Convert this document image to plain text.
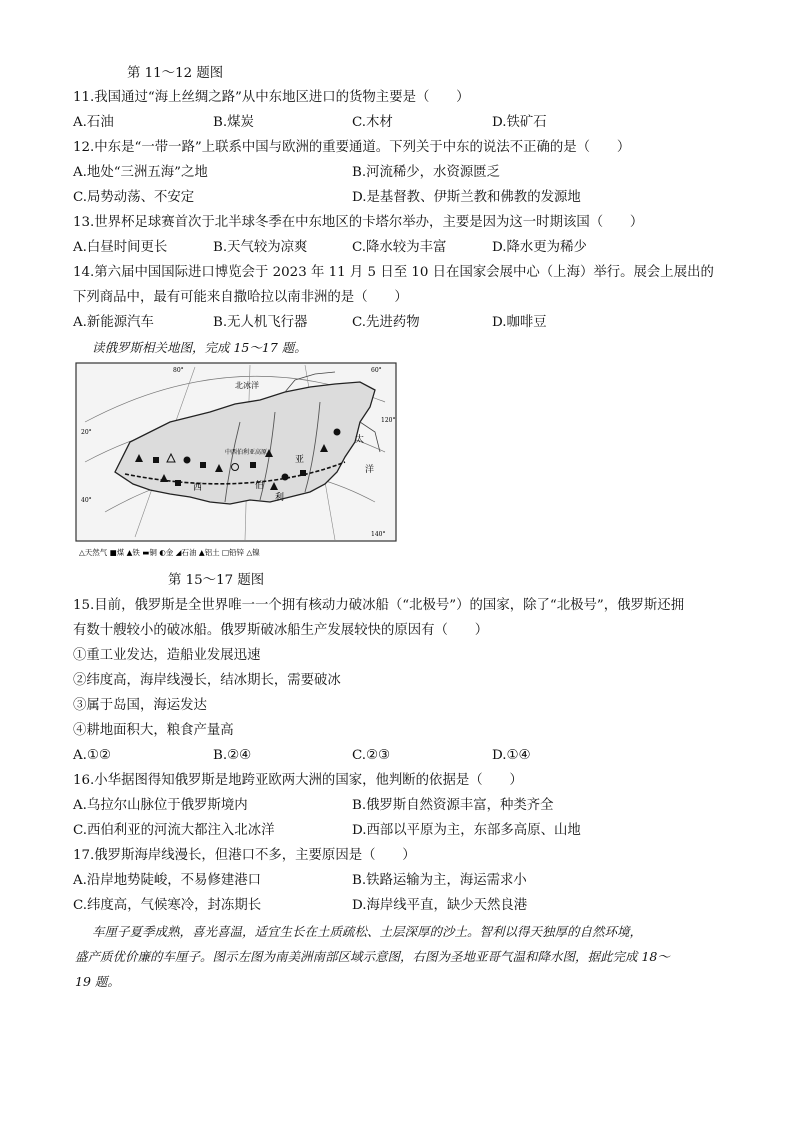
第 11～12 题图
11.我国通过“海上丝绸之路”从中东地区进口的货物主要是（　　）
A.石油	B.煤炭	C.木材	D.铁矿石
12.中东是“一带一路”上联系中国与欧洲的重要通道。下列关于中东的说法不正确的是（　　）
A.地处“三洲五海”之地	B.河流稀少，水资源匮乏
C.局势动荡、不安定	D.是基督教、伊斯兰教和佛教的发源地
13.世界杯足球赛首次于北半球冬季在中东地区的卡塔尔举办，主要是因为这一时期该国（　　）
A.白昼时间更长	B.天气较为凉爽	C.降水较为丰富	D.降水更为稀少
14.第六届中国国际进口博览会于 2023 年 11 月 5 日至 10 日在国家会展中心（上海）举行。展会上展出的
下列商品中，最有可能来自撒哈拉以南非洲的是（　　）
A.新能源汽车	B.无人机飞行器	C.先进药物	D.咖啡豆
读俄罗斯相关地图，完成 15～17 题。
北冰洋
西	伯
亚
利
太
洋
中西伯利亚高原
20°
40°
60°
80°
120°
140°
△天然气 ■煤 ▲铁 ▬铜 ◐金 ◢石油 ▲铝土 □铅锌 △镍
第 15～17 题图
15.目前，俄罗斯是全世界唯一一个拥有核动力破冰船（“北极号”）的国家，除了“北极号”，俄罗斯还拥
有数十艘较小的破冰船。俄罗斯破冰船生产发展较快的原因有（　　）
①重工业发达，造船业发展迅速
②纬度高，海岸线漫长，结冰期长，需要破冰
③属于岛国，海运发达
④耕地面积大，粮食产量高
A.①②	B.②④	C.②③	D.①④
16.小华据图得知俄罗斯是地跨亚欧两大洲的国家，他判断的依据是（　　）
A.乌拉尔山脉位于俄罗斯境内	B.俄罗斯自然资源丰富，种类齐全
C.西伯利亚的河流大都注入北冰洋	D.西部以平原为主，东部多高原、山地
17.俄罗斯海岸线漫长，但港口不多，主要原因是（　　）
A.沿岸地势陡峻，不易修建港口	B.铁路运输为主，海运需求小
C.纬度高，气候寒冷，封冻期长	D.海岸线平直，缺少天然良港
车厘子夏季成熟，喜光喜温，适宜生长在土质疏松、土层深厚的沙土。智利以得天独厚的自然环境，
盛产质优价廉的车厘子。图示左图为南美洲南部区域示意图，右图为圣地亚哥气温和降水图，据此完成 18～
19 题。
